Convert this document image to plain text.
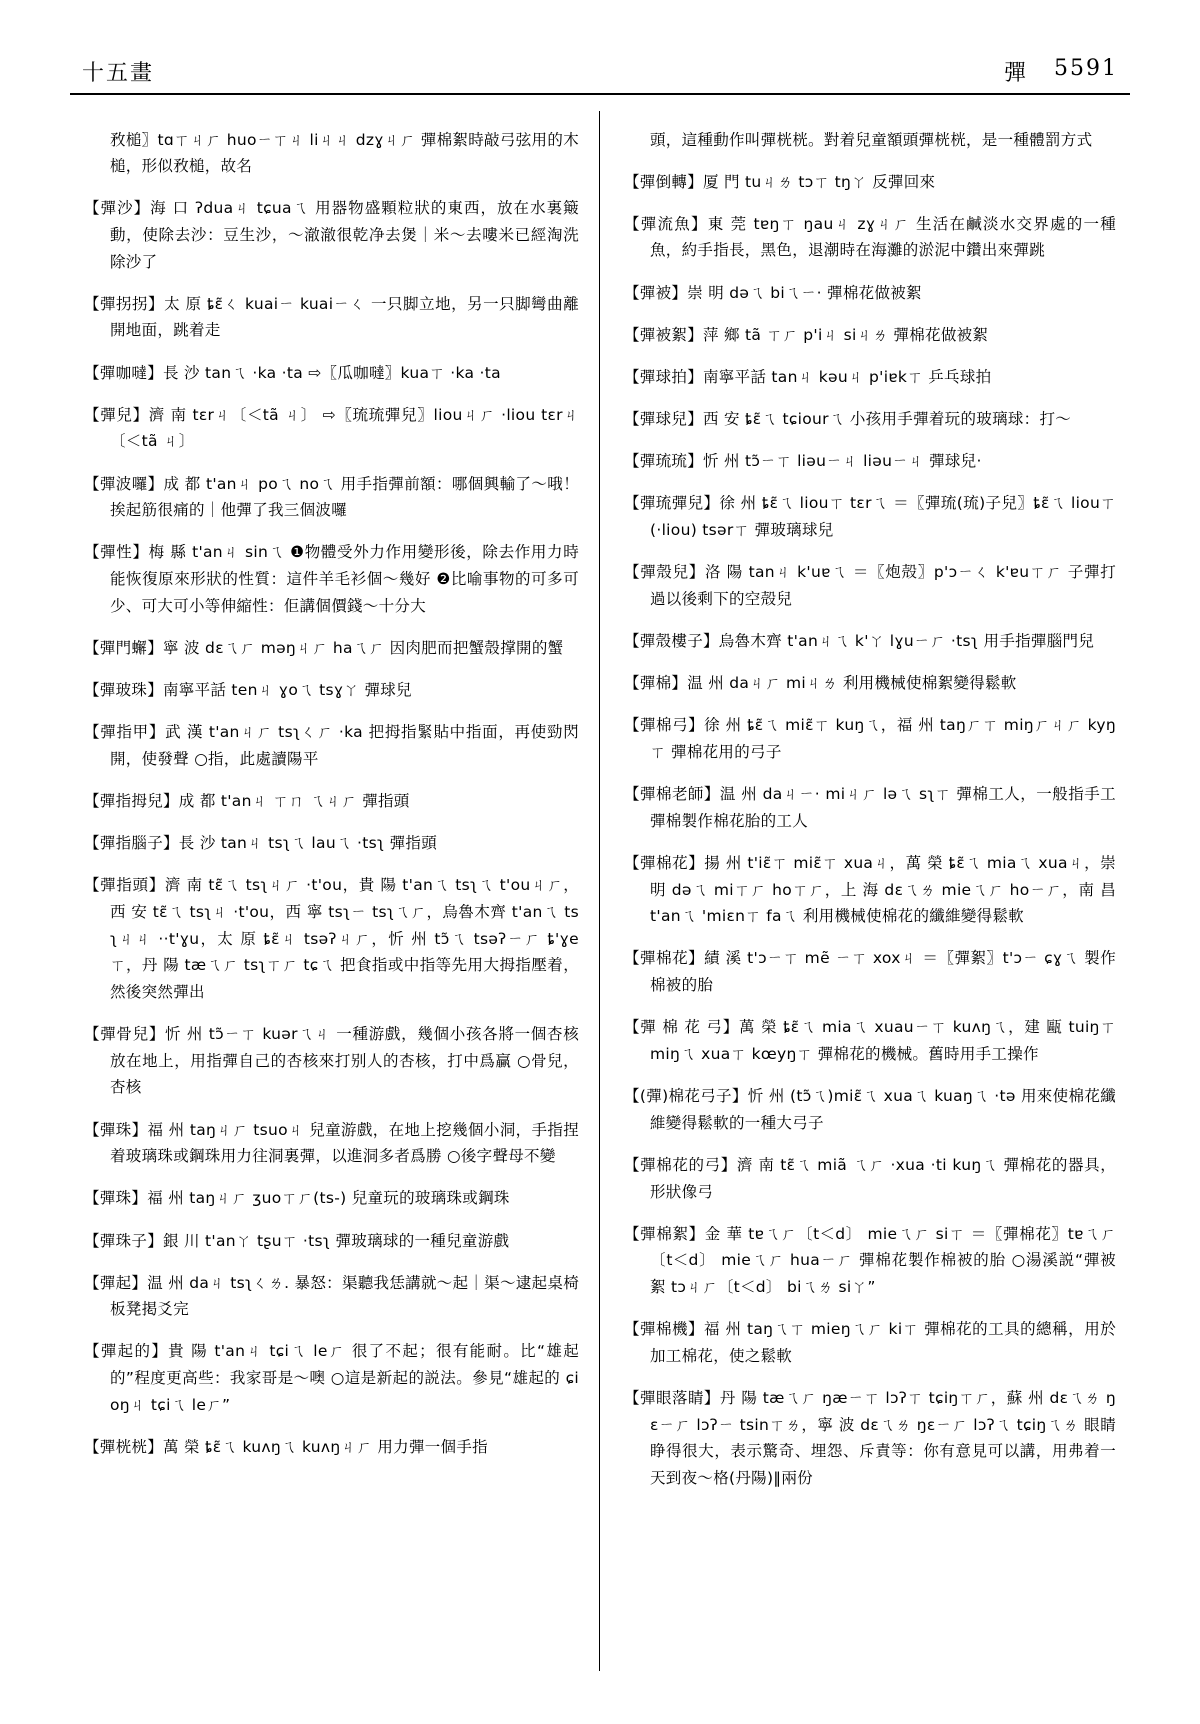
十五畫	彈 5591

敄槌〗tɑㄒㄐㄏ huoㄧㄒㄐ liㄐㄐ dzɣㄐㄏ 彈棉絮時敲弓弦用的木槌，形似敄槌，故名

【彈沙】海 口 ʔduaㄐ tɕuaㄟ 用器物盛顆粒狀的東西，放在水裏簸動，使除去沙：豆生沙，～澈澈很乾净去煲｜米～去嘍米已經淘洗除沙了

【彈拐拐】太 原 ȶɛ̃ㄑ kuaiㄧ kuaiㄧㄑ 一只脚立地，另一只脚彎曲離開地面，跳着走

【彈咖噠】長 沙 tanㄟ ·ka ·ta ⇨〖瓜咖噠〗kuaㄒ ·ka ·ta

【彈兒】濟 南 tɛrㄐ〔＜tã ㄐ〕 ⇨〖琉琉彈兒〗liouㄐㄏ ·liou tɛrㄐ〔＜tã ㄐ〕

【彈波囉】成 都 t'anㄐ poㄟ noㄟ 用手指彈前額：哪個興輸了～哦！挨起筋很痛的｜他彈了我三個波囉

【彈性】梅 縣 t'anㄐ sinㄟ ❶物體受外力作用變形後，除去作用力時能恢復原來形狀的性質：這件羊毛衫個～幾好 ❷比喻事物的可多可少、可大可小等伸縮性：佢講個價錢～十分大

【彈門蠏】寧 波 dɛㄟㄏ məŋㄐㄏ haㄟㄏ 因肉肥而把蟹殼撑開的蟹

【彈玻珠】南寧平話 tenㄐ ɣoㄟ tsɣㄚ 彈球兒

【彈指甲】武 漢 t'anㄐㄏ tsʅㄑㄏ ·ka 把拇指緊貼中指面，再使勁閃開，使發聲 ○指，此處讀陽平

【彈指拇兒】成 都 t'anㄐ ㄒㄇ ㄟㄐㄏ 彈指頭

【彈指腦子】長 沙 tanㄐ tsʅㄟ lauㄟ ·tsʅ 彈指頭

【彈指頭】濟 南 tɛ̃ㄟ tsʅㄐㄏ ·t'ou，貴 陽 t'anㄟ tsʅㄟ t'ouㄐㄏ，西 安 tɛ̃ㄟ tsʅㄐ ·t'ou，西 寧 tsʅㄧ tsʅㄟㄏ，烏魯木齊 t'anㄟ tsʅㄐㄐ ··t'ɣu，太 原 ȶɛ̃ㄐ tsəʔㄐㄏ，忻 州 tɔ̃ㄟ tsəʔㄧㄏ ȶ'ɣeㄒ，丹 陽 tæㄟㄏ tsʅㄒㄏ tɕㄟ 把食指或中指等先用大拇指壓着，然後突然彈出

【彈骨兒】忻 州 tɔ̃ㄧㄒ kuərㄟㄐ 一種游戲，幾個小孩各將一個杏核放在地上，用指彈自己的杏核來打别人的杏核，打中爲贏 ○骨兒，杏核

【彈珠】福 州 taŋㄐㄏ tsuoㄐ 兒童游戲，在地上挖幾個小洞，手指捏着玻璃珠或鋼珠用力往洞裏彈，以進洞多者爲勝 ○後字聲母不變

【彈珠】福 州 taŋㄐㄏ ʒuoㄒㄏ(ts-) 兒童玩的玻璃珠或鋼珠

【彈珠子】銀 川 t'anㄚ tʂuㄒ ·tsʅ 彈玻璃球的一種兒童游戲

【彈起】温 州 daㄐ tsʅㄑㄌ. 暴怒：渠聽我恁講就～起｜渠～逮起桌椅板凳掲爻完

【彈起的】貴 陽 t'anㄐ tɕiㄟ leㄏ 很了不起；很有能耐。比“雄起的”程度更高些：我家哥是～噢 ○這是新起的説法。參見“雄起的 ɕioŋㄐ tɕiㄟ leㄏ”

【彈桄桄】萬 榮 ȶɛ̃ㄟ kuʌŋㄟ kuʌŋㄐㄏ 用力彈一個手指

頭，這種動作叫彈桄桄。對着兒童額頭彈桄桄，是一種體罰方式

【彈倒轉】厦 門 tuㄐㄌ tɔㄒ tŋㄚ 反彈回來

【彈流魚】東 莞 tɐŋㄒ ŋauㄐ zɣㄐㄏ 生活在鹹淡水交界處的一種魚，約手指長，黑色，退潮時在海灘的淤泥中鑽出來彈跳

【彈被】崇 明 dəㄟ biㄟㄧ· 彈棉花做被絮

【彈被絮】萍 鄉 tã ㄒㄏ p'iㄐ siㄐㄌ 彈棉花做被絮

【彈球拍】南寧平話 tanㄐ kəuㄐ p'iɐkㄒ 乒乓球拍

【彈球兒】西 安 ȶɛ̃ㄟ tɕiourㄟ 小孩用手彈着玩的玻璃球：打～

【彈琉琉】忻 州 tɔ̃ㄧㄒ liəuㄧㄐ liəuㄧㄐ 彈球兒·

【彈琉彈兒】徐 州 ȶɛ̃ㄟ liouㄒ tɛrㄟ ＝〖彈琉(琉)子兒〗ȶɛ̃ㄟ liouㄒ(·liou) tsərㄒ 彈玻璃球兒

【彈殼兒】洛 陽 tanㄐ k'uɐㄟ ＝〖炮殻〗p'ɔㄧㄑ k'ɐuㄒㄏ 子彈打過以後剩下的空殻兒

【彈殼樓子】烏魯木齊 t'anㄐㄟ k'ㄚ lɣuㄧㄏ ·tsʅ 用手指彈腦門兒

【彈棉】温 州 daㄐㄏ miㄐㄌ 利用機械使棉絮變得鬆軟

【彈棉弓】徐 州 ȶɛ̃ㄟ miɛ̃ㄒ kuŋㄟ，福 州 taŋㄏㄒ miŋㄏㄐㄏ kyŋㄒ 彈棉花用的弓子

【彈棉老師】温 州 daㄐㄧ· miㄐㄏ ləㄟ sʅㄒ 彈棉工人，一般指手工彈棉製作棉花胎的工人

【彈棉花】揚 州 t'iɛ̃ㄒ miɛ̃ㄒ xuaㄐ，萬 榮 ȶɛ̃ㄟ miaㄟ xuaㄐ，崇 明 dəㄟ miㄒㄏ hoㄒㄏ，上 海 dɛㄟㄌ mieㄟㄏ hoㄧㄏ，南 昌 t'anㄟ 'miɛnㄒ faㄟ 利用機械使棉花的纖維變得鬆軟

【彈棉花】績 溪 t'ɔㄧㄒ mẽ ㄧㄒ xoxㄐ ＝〖彈絮〗t'ɔㄧ ɕɣㄟ 製作棉被的胎

【彈 棉 花 弓】萬 榮 ȶɛ̃ㄟ miaㄟ xuauㄧㄒ kuʌŋㄟ，建 甌 tuiŋㄒ miŋㄟ xuaㄒ kœyŋㄒ 彈棉花的機械。舊時用手工操作

【(彈)棉花弓子】忻 州 (tɔ̃ㄟ)miɛ̃ㄟ xuaㄟ kuaŋㄟ ·tə 用來使棉花纖維變得鬆軟的一種大弓子

【彈棉花的弓】濟 南 tɛ̃ㄟ miã ㄟㄏ ·xua ·ti kuŋㄟ 彈棉花的器具，形狀像弓

【彈棉絮】金 華 tɐㄟㄏ〔t＜d〕 mieㄟㄏ siㄒ ＝〖彈棉花〗tɐㄟㄏ〔t＜d〕 mieㄟㄏ huaㄧㄏ 彈棉花製作棉被的胎 ○湯溪説“彈被絮 tɔㄐㄏ〔t＜d〕 biㄟㄌ siㄚ”

【彈棉機】福 州 taŋㄟㄒ mieŋㄟㄏ kiㄒ 彈棉花的工具的總稱，用於加工棉花，使之鬆軟

【彈眼落睛】丹 陽 tæㄟㄏ ŋæㄧㄒ lɔʔㄒ tɕiŋㄒㄏ，蘇 州 dɛㄟㄌ ŋɛㄧㄏ lɔʔㄧ tsinㄒㄌ，寧 波 dɛㄟㄌ ŋɛㄧㄏ lɔʔㄟ tɕiŋㄟㄌ 眼睛睁得很大，表示驚奇、埋怨、斥責等：你有意見可以講，用弗着一天到夜～格(丹陽)‖兩份
